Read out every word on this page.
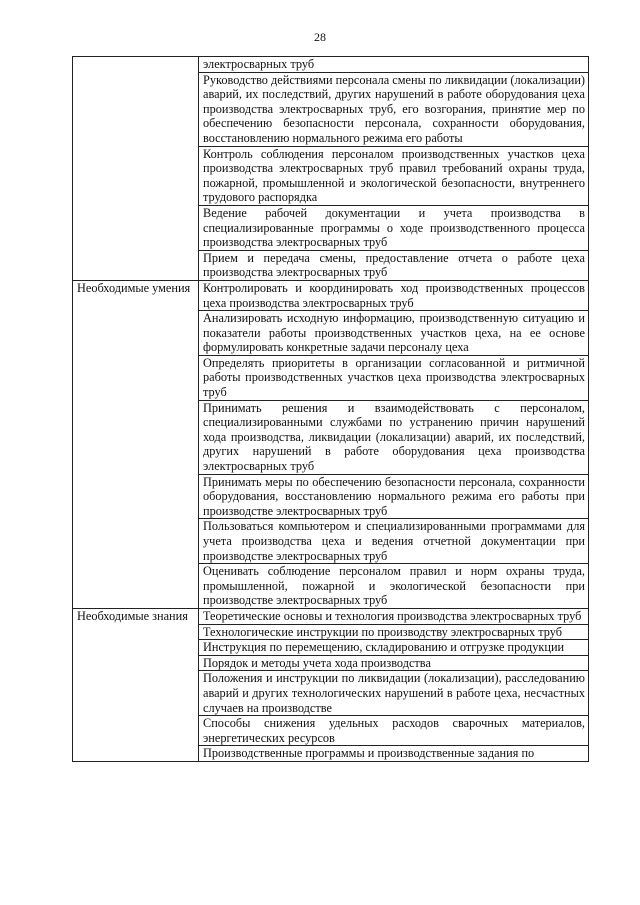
28
	электросварных труб
	Руководство действиями персонала смены по ликвидации (локализации) аварий, их последствий, других нарушений в работе оборудования цеха производства электросварных труб, его возгорания, принятие мер по обеспечению безопасности персонала, сохранности оборудования, восстановлению нормального режима его работы
	Контроль соблюдения персоналом производственных участков цеха производства электросварных труб правил требований охраны труда, пожарной, промышленной и экологической безопасности, внутреннего трудового распорядка
	Ведение рабочей документации и учета производства в специализированные программы о ходе производственного процесса производства электросварных труб
	Прием и передача смены, предоставление отчета о работе цеха производства электросварных труб
Необходимые умения	Контролировать и координировать ход производственных процессов цеха производства электросварных труб
	Анализировать исходную информацию, производственную ситуацию и показатели работы производственных участков цеха, на ее основе формулировать конкретные задачи персоналу цеха
	Определять приоритеты в организации согласованной и ритмичной работы производственных участков цеха производства электросварных труб
	Принимать решения и взаимодействовать с персоналом, специализированными службами по устранению причин нарушений хода производства, ликвидации (локализации) аварий, их последствий, других нарушений в работе оборудования цеха производства электросварных труб
	Принимать меры по обеспечению безопасности персонала, сохранности оборудования, восстановлению нормального режима его работы при производстве электросварных труб
	Пользоваться компьютером и специализированными программами для учета производства цеха и ведения отчетной документации при производстве электросварных труб
	Оценивать соблюдение персоналом правил и норм охраны труда, промышленной, пожарной и экологической безопасности при производстве электросварных труб
Необходимые знания	Теоретические основы и технология производства электросварных труб
	Технологические инструкции по производству электросварных труб
	Инструкция по перемещению, складированию и отгрузке продукции
	Порядок и методы учета хода производства
	Положения и инструкции по ликвидации (локализации), расследованию аварий и других технологических нарушений в работе цеха, несчастных случаев на производстве
	Способы снижения удельных расходов сварочных материалов, энергетических ресурсов
	Производственные программы и производственные задания по
